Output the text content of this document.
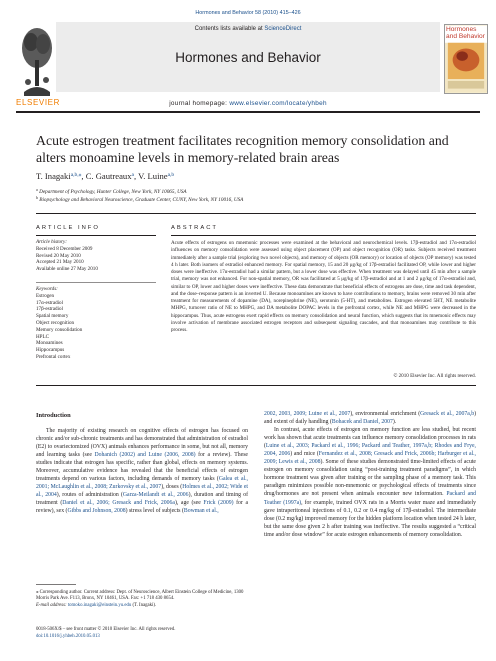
Hormones and Behavior 58 (2010) 415–426
Contents lists available at ScienceDirect
Hormones and Behavior
ELSEVIER
Hormones and Behavior
journal homepage: www.elsevier.com/locate/yhbeh
Acute estrogen treatment facilitates recognition memory consolidation and alters monoamine levels in memory-related brain areas
T. Inagaki$^{a,b,⁎}$, C. Gautreaux$^a$, V. Luine$^{a,b}$
$^a$ Department of Psychology, Hunter College, New York, NY 10065, USA
$^b$ Biopsychology and Behavioral Neuroscience, Graduate Center, CUNY, New York, NY 10016, USA
ARTICLE INFO	ABSTRACT
Article history:
Received 8 December 2009
Revised 20 May 2010
Accepted 21 May 2010
Available online 27 May 2010
Keywords:
Estrogen
17α-estradiol
17β-estradiol
Spatial memory
Object recognition
Memory consolidation
HPLC
Monoamines
Hippocampus
Prefrontal cortex
Acute effects of estrogens on mnemonic processes were examined at the behavioral and neurochemical levels. 17β-estradiol and 17α-estradiol influences on memory consolidation were assessed using object placement (OP) and object recognition (OR) tasks. Subjects received treatment immediately after a sample trial (exploring two novel objects), and memory of objects (OR memory) or location of objects (OP memory) was tested 4 h later. Both isomers of estradiol enhanced memory. For spatial memory, 15 and 20 μg/kg of 17β-estradiol facilitated OP, while lower and higher doses were ineffective. 17α-estradiol had a similar pattern, but a lower dose was effective. When treatment was delayed until 45 min after a sample trial, memory was not enhanced. For non-spatial memory, OR was facilitated at 5 μg/kg of 17β-estradiol and at 1 and 2 μg/kg of 17α-estradiol and, similar to OP, lower and higher doses were ineffective. These data demonstrate that beneficial effects of estrogens are dose, time and task dependent, and the dose–response pattern is an inverted U. Because monoamines are known to have contributions to memory, brains were removed 30 min after treatment for measurements of dopamine (DA), norepinephrine (NE), serotonin (5-HT), and metabolites. Estrogen elevated 5HT, NE metabolite MHPG, turnover ratio of NE to MHPG, and DA metabolite DOPAC levels in the prefrontal cortex, while NE and MHPG were decreased in the hippocampus. Thus, acute estrogens exert rapid effects on memory consolidation and neural function, which suggests that its mnemonic effects may involve activation of membrane associated estrogen receptors and subsequent signaling cascades, and that monoamines may contribute to this process.
© 2010 Elsevier Inc. All rights reserved.
Introduction

The majority of existing research on cognitive effects of estrogen has focused on chronic and/or sub-chronic treatments and has demonstrated that administration of estradiol (E2) to ovariectomized (OVX) animals enhances performance in some, but not all, memory and learning tasks (see Dohanich (2002) and Luine (2006, 2008) for a review). These studies indicate that estrogen has specific, rather than global, effects on memory systems. Moreover, accumulative evidence has revealed that the beneficial effects of estrogen treatments depend on various factors, including demands of memory tasks (Galea et al., 2001; McLaughlin et al., 2008; Zurkovsky et al., 2007), doses (Holmes et al., 2002; Wide et al., 2004), routes of administration (Garza-Meilandt et al., 2006), duration and timing of treatment (Daniel et al., 2006; Gresack and Frick, 2006a), age (see Frick (2009) for a review), sex (Gibbs and Johnson, 2008) stress level of subjects (Bowman et al.,

2002, 2003, 2009; Luine et al., 2007), environmental enrichment (Gresack et al., 2007a,b) and extent of daily handling (Bohacek and Daniel, 2007).

In contrast, acute effects of estrogen on memory function are less studied, but recent work has shown that acute treatments can influence memory consolidation processes in rats (Luine et al., 2003; Packard et al., 1996; Packard and Teather, 1997a,b; Rhodes and Frye, 2004, 2006) and mice (Fernandez et al., 2008; Gresack and Frick, 2006b; Harburger et al., 2009; Lewis et al., 2008). Some of these studies demonstrated time-limited effects of acute estrogen on memory consolidation using “post-training treatment paradigms”, in which hormone treatment was given after training or the sampling phase of a memory task. This paradigm minimizes possible non-mnemonic or psychological effects of treatments since drug/hormones are not present when animals encounter new information. Packard and Teather (1997a), for example, trained OVX rats in a Morris water maze and immediately gave intraperitoneal injections of 0.1, 0.2 or 0.4 mg/kg of 17β-estradiol. The intermediate dose (0.2 mg/kg) improved memory for the hidden platform location when tested 24 h later, but the same dose given 2 h after training was ineffective. The results suggested a “critical time and/or dose window” for acute estrogen enhancements of memory consolidation.

⁎ Corresponding author. Current address: Dept. of Neuroscience, Albert Einstein College of Medicine, 1300 Morris Park Ave. F113, Bronx, NY 10461, USA. Fax: +1 718 430 8654.
E-mail address: tomoko.inagaki@einstein.yu.edu (T. Inagaki).
0018-506X/$ – see front matter © 2010 Elsevier Inc. All rights reserved.
doi:10.1016/j.yhbeh.2010.05.013
